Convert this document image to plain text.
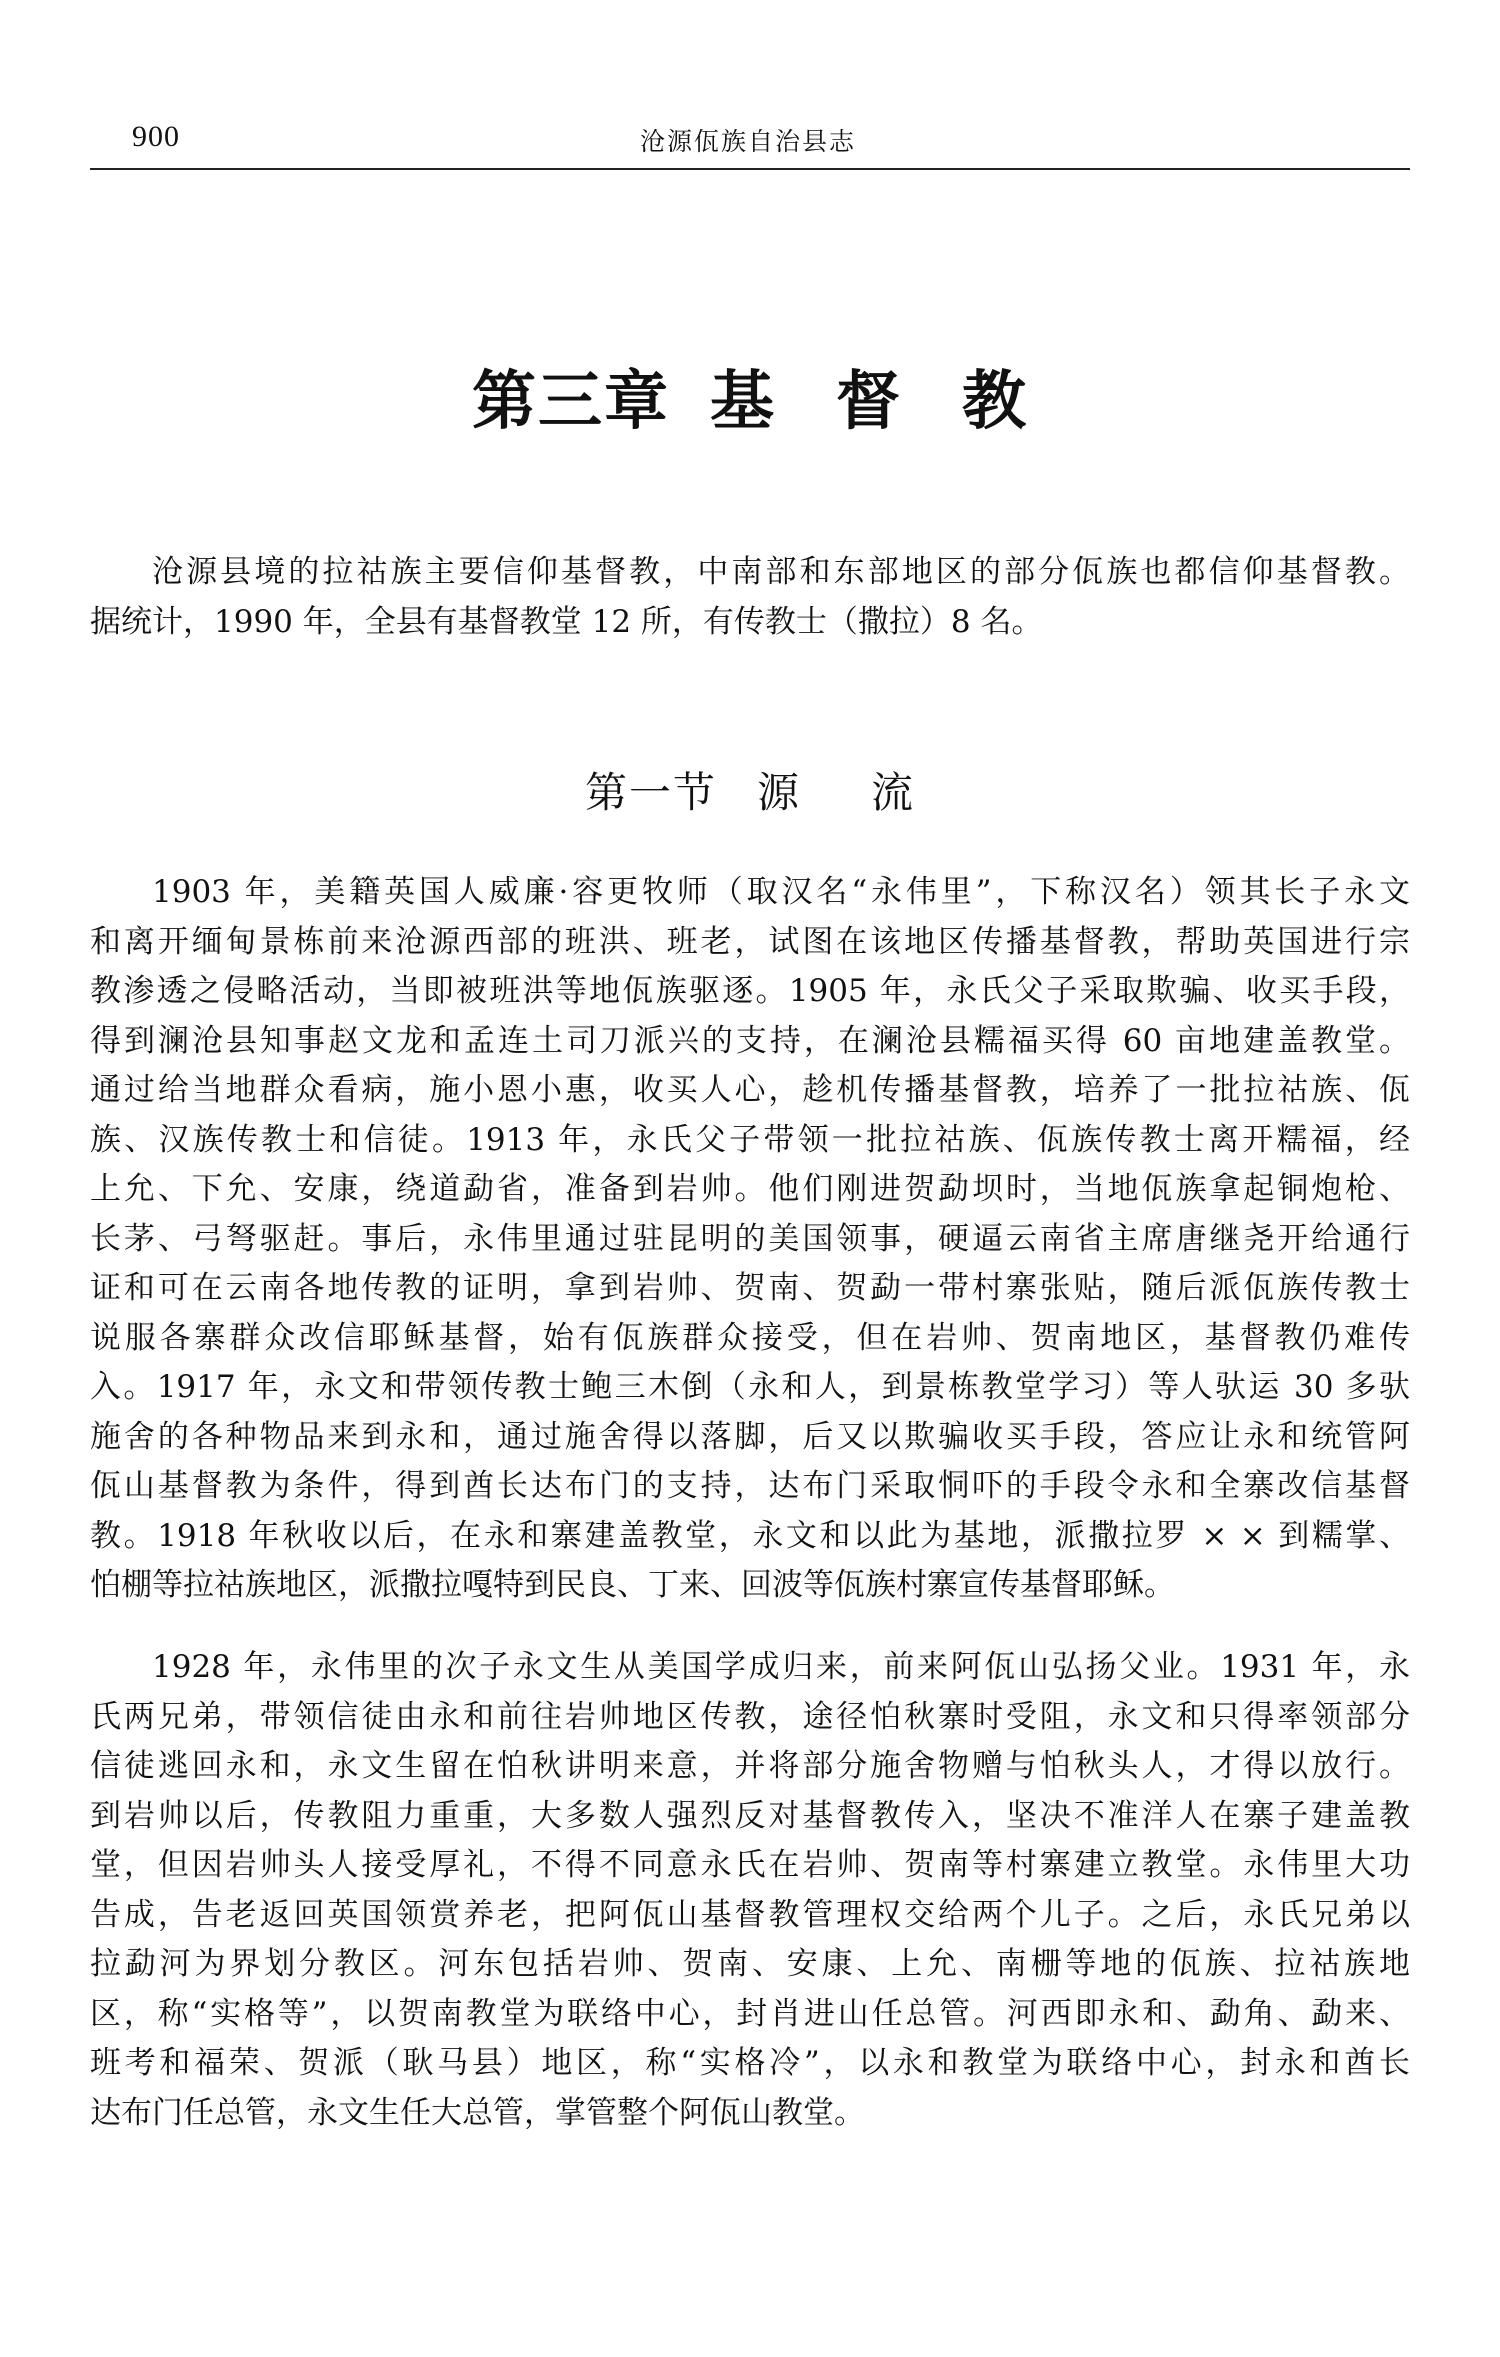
900	沧源佤族自治县志
第三章 基 督 教
沧源县境的拉祜族主要信仰基督教，中南部和东部地区的部分佤族也都信仰基督教。
据统计，1990 年，全县有基督教堂 12 所，有传教士（撒拉）8 名。
第一节 源 流
1903 年，美籍英国人威廉·容更牧师（取汉名“永伟里”，下称汉名）领其长子永文
和离开缅甸景栋前来沧源西部的班洪、班老，试图在该地区传播基督教，帮助英国进行宗
教渗透之侵略活动，当即被班洪等地佤族驱逐。1905 年，永氏父子采取欺骗、收买手段，
得到澜沧县知事赵文龙和孟连土司刀派兴的支持，在澜沧县糯福买得 60 亩地建盖教堂。
通过给当地群众看病，施小恩小惠，收买人心，趁机传播基督教，培养了一批拉祜族、佤
族、汉族传教士和信徒。1913 年，永氏父子带领一批拉祜族、佤族传教士离开糯福，经
上允、下允、安康，绕道勐省，准备到岩帅。他们刚进贺勐坝时，当地佤族拿起铜炮枪、
长茅、弓弩驱赶。事后，永伟里通过驻昆明的美国领事，硬逼云南省主席唐继尧开给通行
证和可在云南各地传教的证明，拿到岩帅、贺南、贺勐一带村寨张贴，随后派佤族传教士
说服各寨群众改信耶稣基督，始有佤族群众接受，但在岩帅、贺南地区，基督教仍难传
入。1917 年，永文和带领传教士鲍三木倒（永和人，到景栋教堂学习）等人驮运 30 多驮
施舍的各种物品来到永和，通过施舍得以落脚，后又以欺骗收买手段，答应让永和统管阿
佤山基督教为条件，得到酋长达布门的支持，达布门采取恫吓的手段令永和全寨改信基督
教。1918 年秋收以后，在永和寨建盖教堂，永文和以此为基地，派撒拉罗 × × 到糯掌、
怕棚等拉祜族地区，派撒拉嘎特到民良、丁来、回波等佤族村寨宣传基督耶稣。
1928 年，永伟里的次子永文生从美国学成归来，前来阿佤山弘扬父业。1931 年，永
氏两兄弟，带领信徒由永和前往岩帅地区传教，途径怕秋寨时受阻，永文和只得率领部分
信徒逃回永和，永文生留在怕秋讲明来意，并将部分施舍物赠与怕秋头人，才得以放行。
到岩帅以后，传教阻力重重，大多数人强烈反对基督教传入，坚决不准洋人在寨子建盖教
堂，但因岩帅头人接受厚礼，不得不同意永氏在岩帅、贺南等村寨建立教堂。永伟里大功
告成，告老返回英国领赏养老，把阿佤山基督教管理权交给两个儿子。之后，永氏兄弟以
拉勐河为界划分教区。河东包括岩帅、贺南、安康、上允、南栅等地的佤族、拉祜族地
区，称“实格等”，以贺南教堂为联络中心，封肖进山任总管。河西即永和、勐角、勐来、
班考和福荣、贺派（耿马县）地区，称“实格冷”，以永和教堂为联络中心，封永和酋长
达布门任总管，永文生任大总管，掌管整个阿佤山教堂。
